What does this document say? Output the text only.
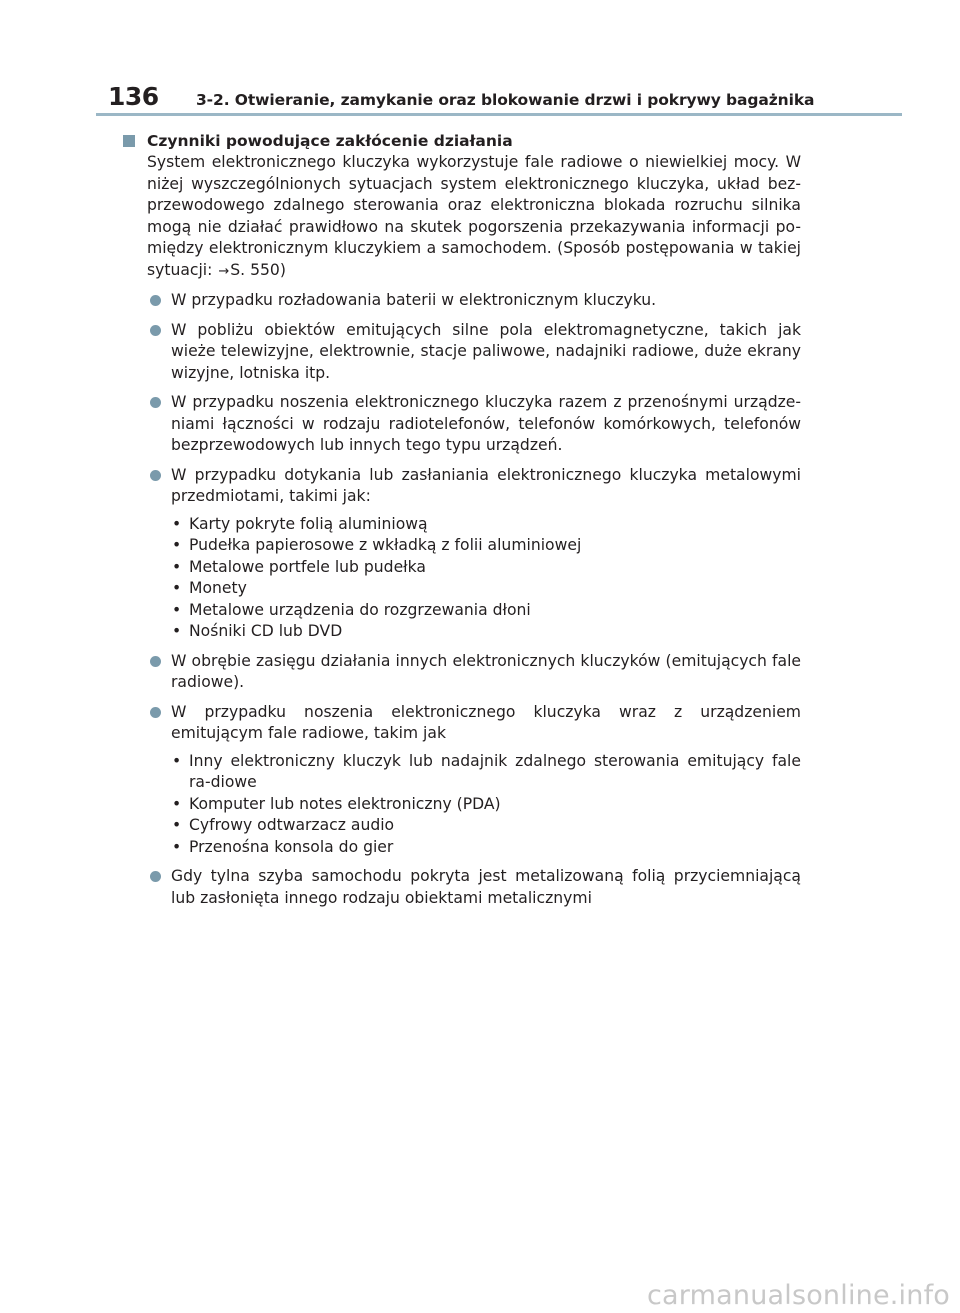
136	3-2. Otwieranie, zamykanie oraz blokowanie drzwi i pokrywy bagażnika
Czynniki powodujące zakłócenie działania
System elektronicznego kluczyka wykorzystuje fale radiowe o niewielkiej mocy. W niżej wyszczególnionych sytuacjach system elektronicznego kluczyka, układ bez-przewodowego zdalnego sterowania oraz elektroniczna blokada rozruchu silnika mogą nie działać prawidłowo na skutek pogorszenia przekazywania informacji po-między elektronicznym kluczykiem a samochodem. (Sposób postępowania w takiej sytuacji: →S. 550)
W przypadku rozładowania baterii w elektronicznym kluczyku.
W pobliżu obiektów emitujących silne pola elektromagnetyczne, takich jak wieże telewizyjne, elektrownie, stacje paliwowe, nadajniki radiowe, duże ekrany wizyjne, lotniska itp.
W przypadku noszenia elektronicznego kluczyka razem z przenośnymi urządze-niami łączności w rodzaju radiotelefonów, telefonów komórkowych, telefonów bezprzewodowych lub innych tego typu urządzeń.
W przypadku dotykania lub zasłaniania elektronicznego kluczyka metalowymi przedmiotami, takimi jak:
• Karty pokryte folią aluminiową
• Pudełka papierosowe z wkładką z folii aluminiowej
• Metalowe portfele lub pudełka
• Monety
• Metalowe urządzenia do rozgrzewania dłoni
• Nośniki CD lub DVD
W obrębie zasięgu działania innych elektronicznych kluczyków (emitujących fale radiowe).
W przypadku noszenia elektronicznego kluczyka wraz z urządzeniem emitującym fale radiowe, takim jak
• Inny elektroniczny kluczyk lub nadajnik zdalnego sterowania emitujący fale ra-diowe
• Komputer lub notes elektroniczny (PDA)
• Cyfrowy odtwarzacz audio
• Przenośna konsola do gier
Gdy tylna szyba samochodu pokryta jest metalizowaną folią przyciemniającą lub zasłonięta innego rodzaju obiektami metalicznymi
carmanualsonline.info
